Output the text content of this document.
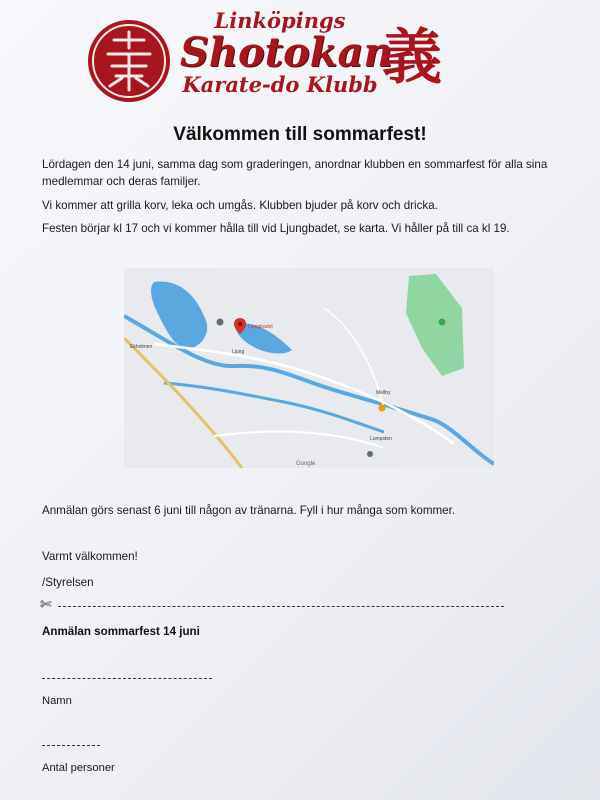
Linköpings
Shotokan
Karate-do Klubb 義
Välkommen till sommarfest!
Lördagen den 14 juni, samma dag som graderingen, anordnar klubben en sommarfest för alla sina medlemmar och deras familjer.
Vi kommer att grilla korv, leka och umgås. Klubben bjuder på korv och dricka.
Festen börjar kl 17 och vi kommer hålla till vid Ljungbadet, se karta. Vi håller på till ca kl 19.
Ljungbadet
Ekholmen
Ljung
Mellby
Lumpsten
Google
Anmälan görs senast 6 juni till någon av tränarna. Fyll i hur många som kommer.
Varmt välkommen!
/Styrelsen
✄
Anmälan sommarfest 14 juni
Namn
Antal personer
